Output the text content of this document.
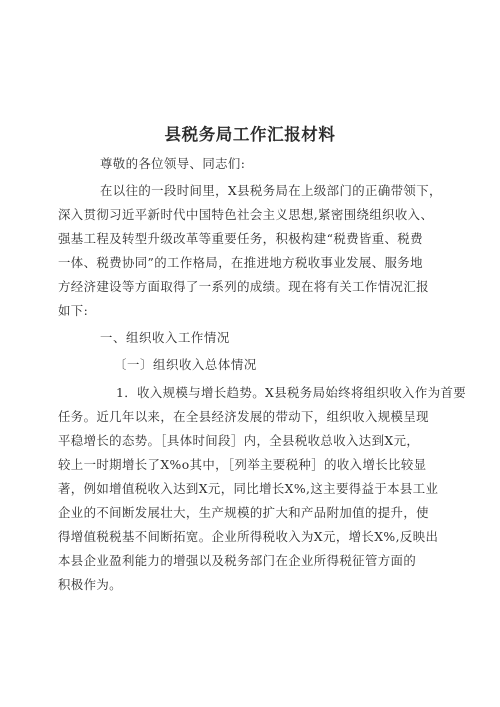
县税务局工作汇报材料
尊敬的各位领导、同志们:
在以往的一段时间里，X县税务局在上级部门的正确带领下，
深入贯彻习近平新时代中国特色社会主义思想,紧密围绕组织收入、
强基工程及转型升级改革等重要任务，积极构建“税费皆重、税费
一体、税费协同”的工作格局，在推进地方税收事业发展、服务地
方经济建设等方面取得了一系列的成绩。现在将有关工作情况汇报
如下:
一、组织收入工作情况
〔一〕组织收入总体情况
1．收入规模与增长趋势。X县税务局始终将组织收入作为首要
任务。近几年以来，在全县经济发展的带动下，组织收入规模呈现
平稳增长的态势。［具体时间段］内，全县税收总收入达到X元，
较上一时期增长了X%o其中，［列举主要税种］的收入增长比较显
著，例如增值税收入达到X元，同比增长X%,这主要得益于本县工业
企业的不间断发展壮大，生产规模的扩大和产品附加值的提升，使
得增值税税基不间断拓宽。企业所得税收入为X元，增长X%,反映出
本县企业盈利能力的增强以及税务部门在企业所得税征管方面的
积极作为。
